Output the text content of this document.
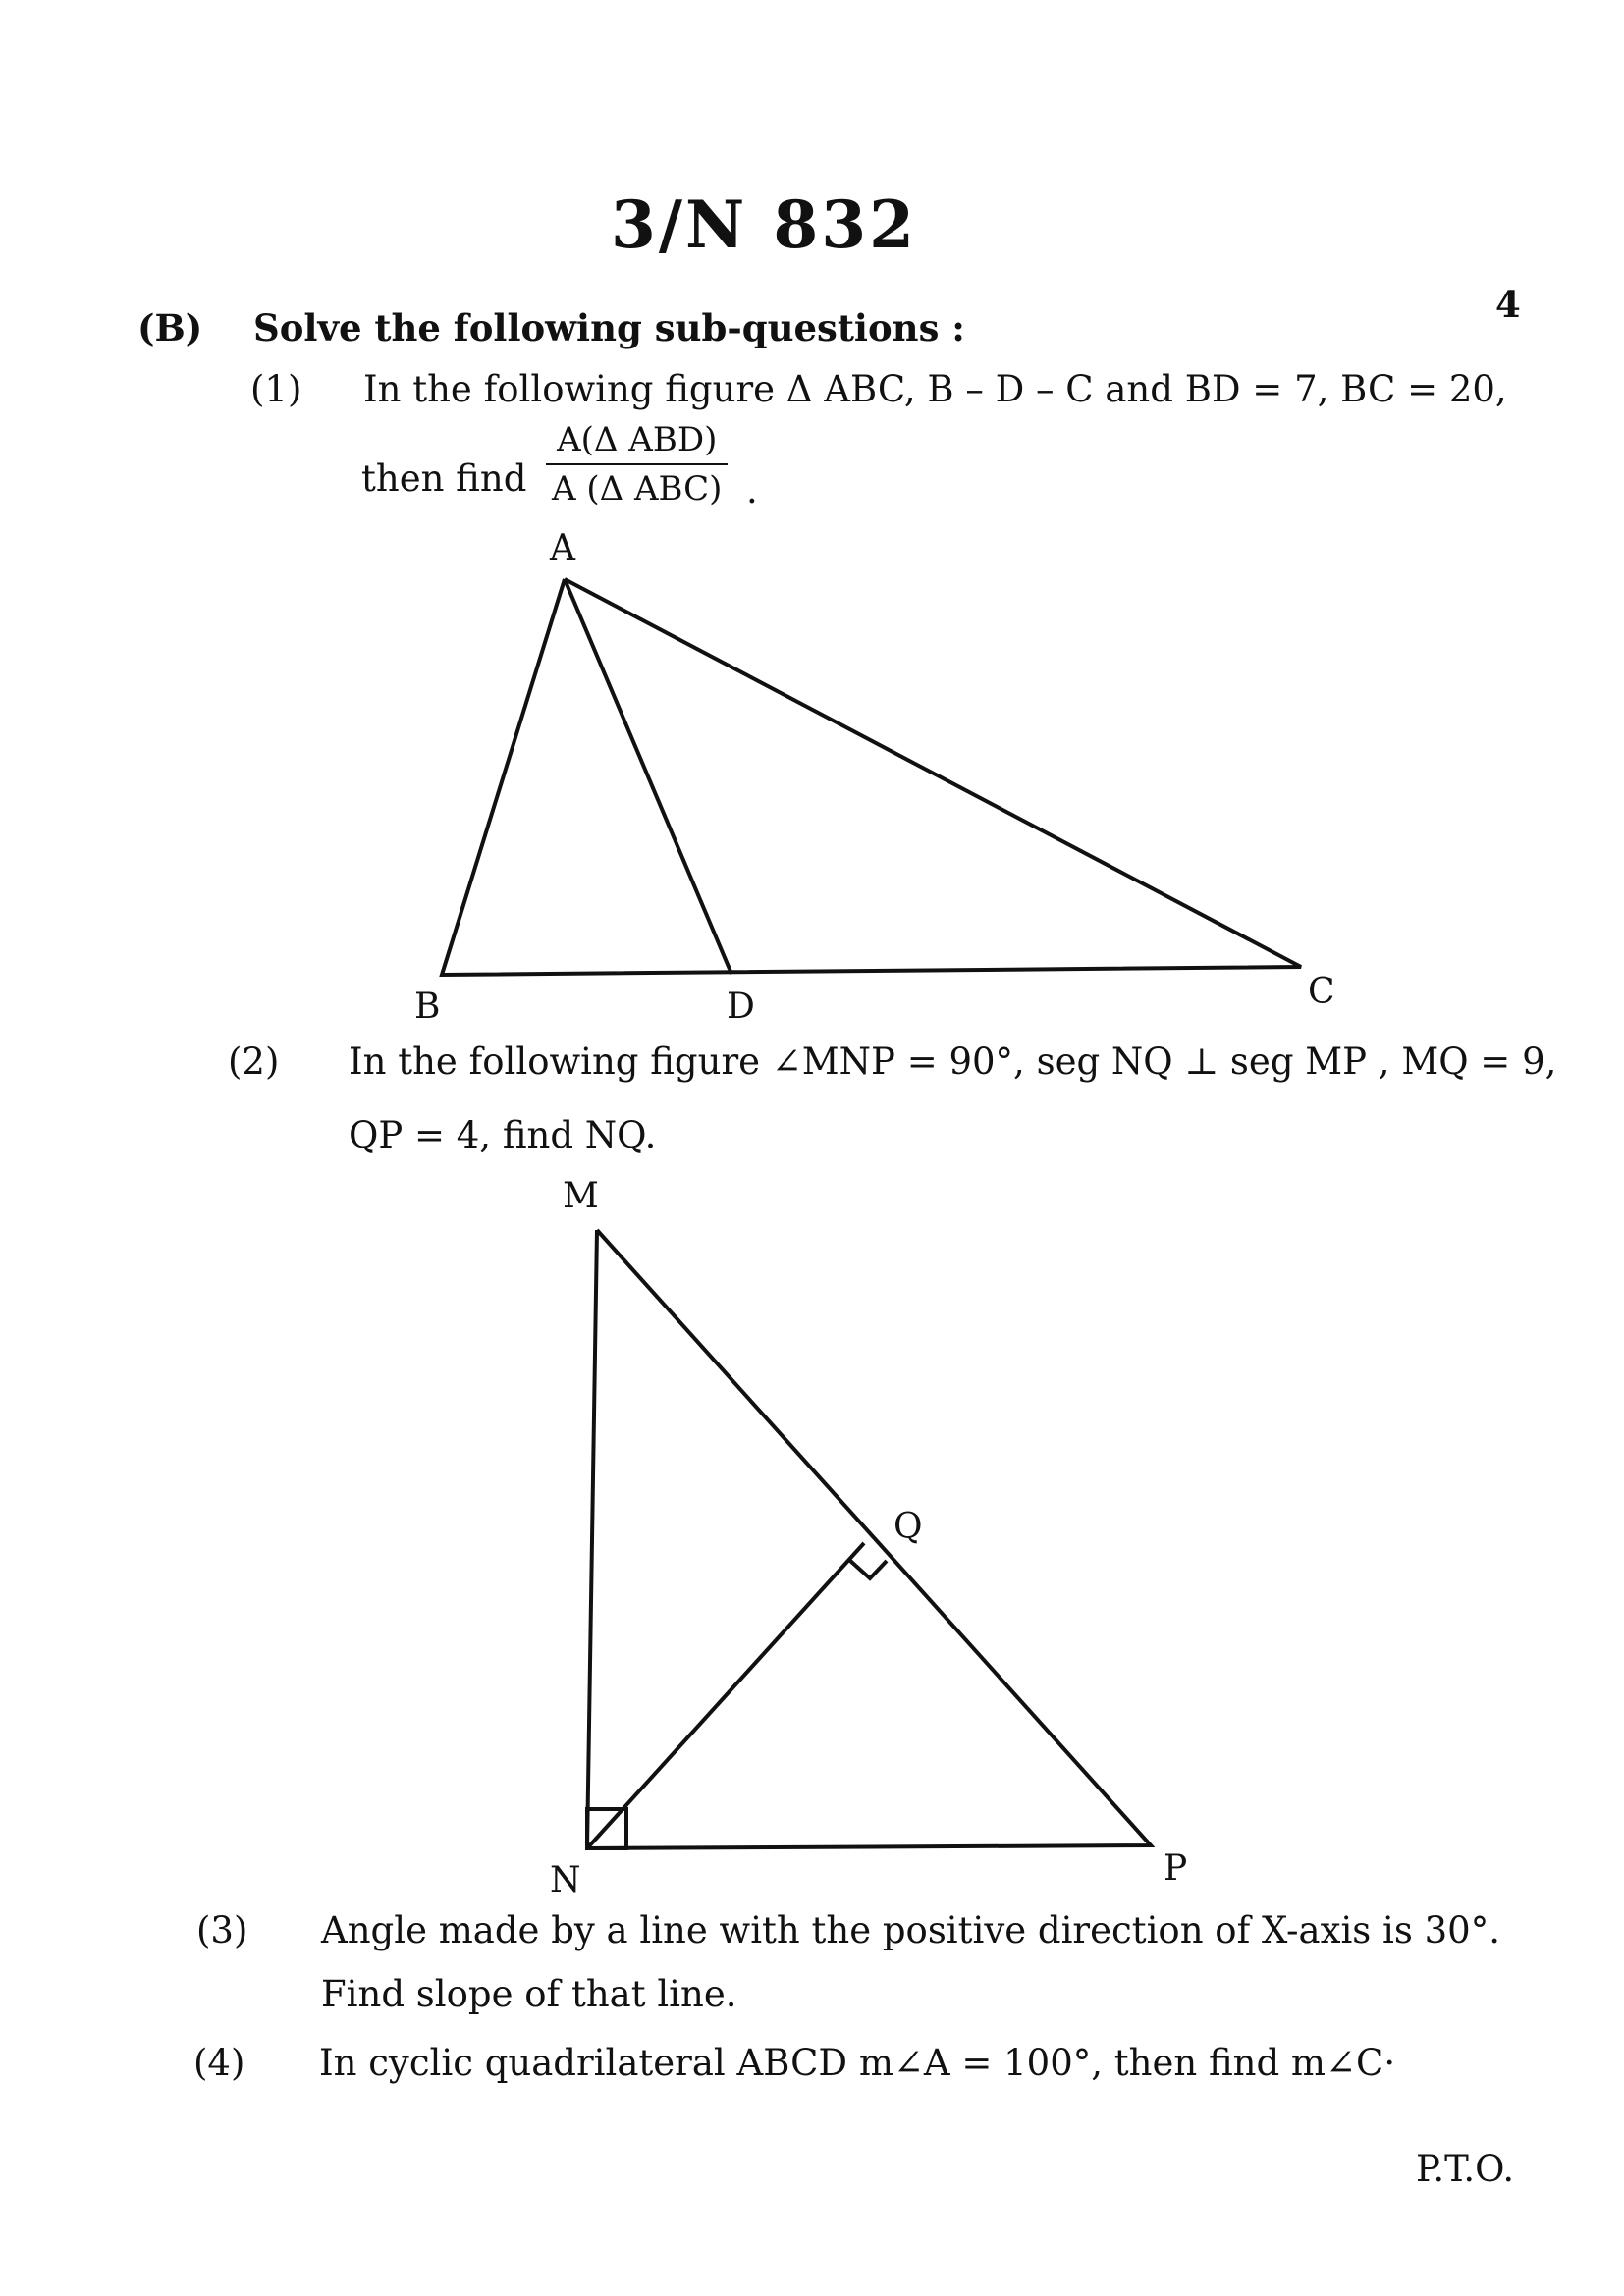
3/N 832
4
(B) Solve the following sub-questions :
(1) In the following figure Δ ABC, B – D – C and BD = 7, BC = 20,
then find
A(Δ ABD)
A (Δ ABC) .
A
B	D	C
(2) In the following figure ∠MNP = 90°, seg NQ ⊥ seg MP , MQ = 9,
QP = 4, find NQ.
M
N	P
Q
(3) Angle made by a line with the positive direction of X-axis is 30°.
Find slope of that line.
(4) In cyclic quadrilateral ABCD m∠A = 100°, then find m∠C·
P.T.O.
